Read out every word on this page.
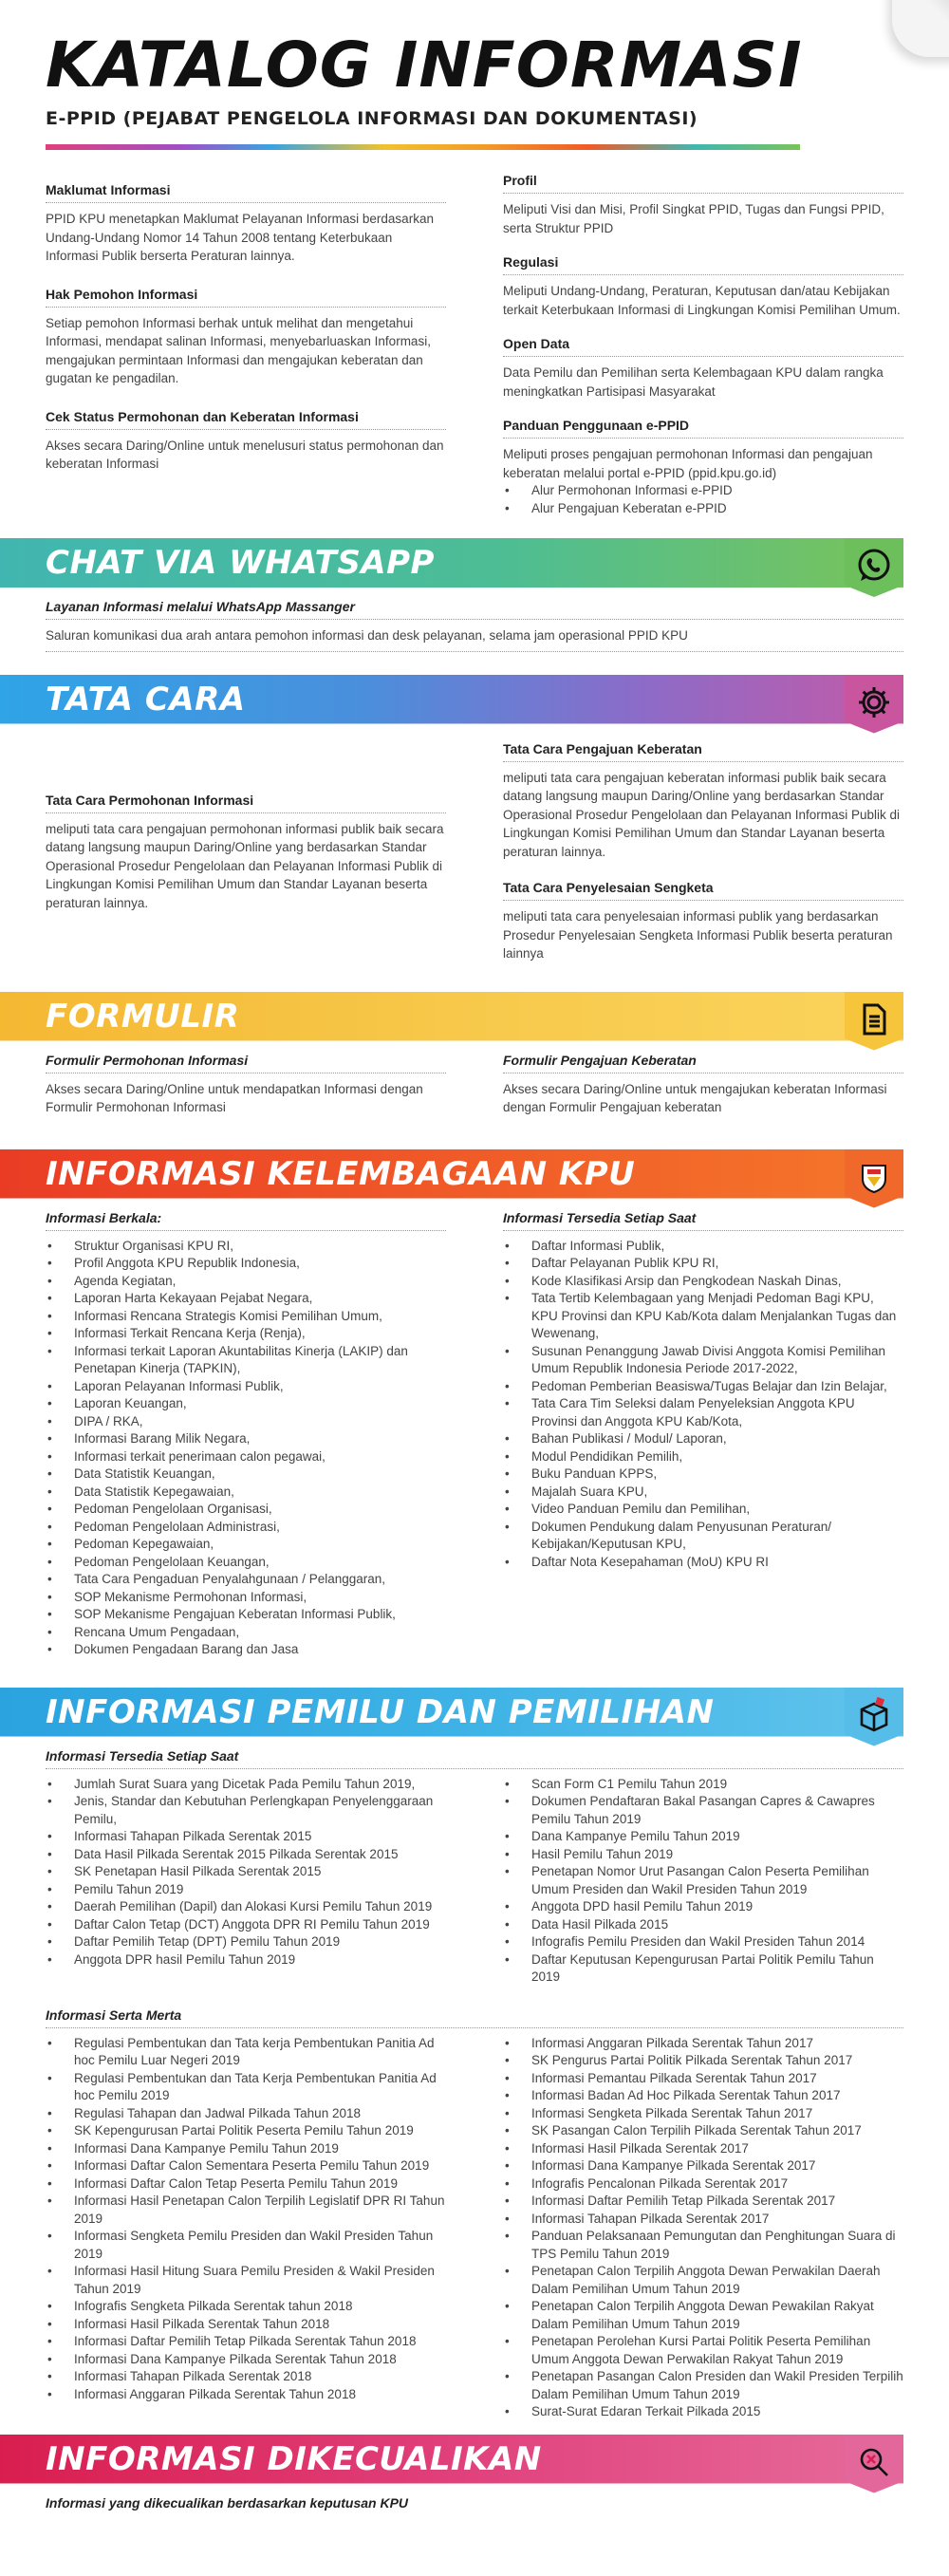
KATALOG INFORMASI
E-PPID (PEJABAT PENGELOLA INFORMASI DAN DOKUMENTASI)
Maklumat Informasi
PPID KPU menetapkan Maklumat Pelayanan Informasi berdasarkan Undang-Undang Nomor 14 Tahun 2008 tentang Keterbukaan Informasi Publik berserta Peraturan lainnya.
Hak Pemohon Informasi
Setiap pemohon Informasi berhak untuk melihat dan mengetahui Informasi, mendapat salinan Informasi, menyebarluaskan Informasi, mengajukan permintaan Informasi dan mengajukan keberatan dan gugatan ke pengadilan.
Cek Status Permohonan dan Keberatan Informasi
Akses secara Daring/Online untuk menelusuri status permohonan dan keberatan Informasi
Profil
Meliputi Visi dan Misi, Profil Singkat PPID, Tugas dan Fungsi PPID, serta Struktur PPID
Regulasi
Meliputi Undang-Undang, Peraturan, Keputusan dan/atau Kebijakan terkait Keterbukaan Informasi di Lingkungan Komisi Pemilihan Umum.
Open Data
Data Pemilu dan Pemilihan serta Kelembagaan KPU dalam rangka meningkatkan Partisipasi Masyarakat
Panduan Penggunaan e-PPID
Meliputi proses pengajuan permohonan Informasi dan pengajuan keberatan melalui portal e-PPID (ppid.kpu.go.id)
• Alur Permohonan Informasi e-PPID
• Alur Pengajuan Keberatan e-PPID
CHAT VIA WHATSAPP
Layanan Informasi melalui WhatsApp Massanger
Saluran komunikasi dua arah antara pemohon informasi dan desk pelayanan, selama jam operasional PPID KPU
TATA CARA
Tata Cara Permohonan Informasi
meliputi tata cara pengajuan permohonan informasi publik baik secara datang langsung maupun Daring/Online yang berdasarkan Standar Operasional Prosedur Pengelolaan dan Pelayanan Informasi Publik di Lingkungan Komisi Pemilihan Umum dan Standar Layanan beserta peraturan lainnya.
Tata Cara Pengajuan Keberatan
meliputi tata cara pengajuan keberatan informasi publik baik secara datang langsung maupun Daring/Online yang berdasarkan Standar Operasional Prosedur Pengelolaan dan Pelayanan Informasi Publik di Lingkungan Komisi Pemilihan Umum dan Standar Layanan beserta peraturan lainnya.
Tata Cara Penyelesaian Sengketa
meliputi tata cara penyelesaian informasi publik yang berdasarkan Prosedur Penyelesaian Sengketa Informasi Publik beserta peraturan lainnya
FORMULIR
Formulir Permohonan Informasi
Akses secara Daring/Online untuk mendapatkan Informasi dengan Formulir Permohonan Informasi
Formulir Pengajuan Keberatan
Akses secara Daring/Online untuk mengajukan keberatan Informasi dengan Formulir Pengajuan keberatan
INFORMASI KELEMBAGAAN KPU
Informasi Berkala:
• Struktur Organisasi KPU RI,
• Profil Anggota KPU Republik Indonesia,
• Agenda Kegiatan,
• Laporan Harta Kekayaan Pejabat Negara,
• Informasi Rencana Strategis Komisi Pemilihan Umum,
• Informasi Terkait Rencana Kerja (Renja),
• Informasi terkait Laporan Akuntabilitas Kinerja (LAKIP) dan Penetapan Kinerja (TAPKIN),
• Laporan Pelayanan Informasi Publik,
• Laporan Keuangan,
• DIPA / RKA,
• Informasi Barang Milik Negara,
• Informasi terkait penerimaan calon pegawai,
• Data Statistik Keuangan,
• Data Statistik Kepegawaian,
• Pedoman Pengelolaan Organisasi,
• Pedoman Pengelolaan Administrasi,
• Pedoman Kepegawaian,
• Pedoman Pengelolaan Keuangan,
• Tata Cara Pengaduan Penyalahgunaan / Pelanggaran,
• SOP Mekanisme Permohonan Informasi,
• SOP Mekanisme Pengajuan Keberatan Informasi Publik,
• Rencana Umum Pengadaan,
• Dokumen Pengadaan Barang dan Jasa
Informasi Tersedia Setiap Saat
• Daftar Informasi Publik,
• Daftar Pelayanan Publik KPU RI,
• Kode Klasifikasi Arsip dan Pengkodean Naskah Dinas,
• Tata Tertib Kelembagaan yang Menjadi Pedoman Bagi KPU, KPU Provinsi dan KPU Kab/Kota dalam Menjalankan Tugas dan Wewenang,
• Susunan Penanggung Jawab Divisi Anggota Komisi Pemilihan Umum Republik Indonesia Periode 2017-2022,
• Pedoman Pemberian Beasiswa/Tugas Belajar dan Izin Belajar,
• Tata Cara Tim Seleksi dalam Penyeleksian Anggota KPU Provinsi dan Anggota KPU Kab/Kota,
• Bahan Publikasi / Modul/ Laporan,
• Modul Pendidikan Pemilih,
• Buku Panduan KPPS,
• Majalah Suara KPU,
• Video Panduan Pemilu dan Pemilihan,
• Dokumen Pendukung dalam Penyusunan Peraturan/ Kebijakan/Keputusan KPU,
• Daftar Nota Kesepahaman (MoU) KPU RI
INFORMASI PEMILU DAN PEMILIHAN
Informasi Tersedia Setiap Saat
• Jumlah Surat Suara yang Dicetak Pada Pemilu Tahun 2019,
• Jenis, Standar dan Kebutuhan Perlengkapan Penyelenggaraan Pemilu,
• Informasi Tahapan Pilkada Serentak 2015
• Data Hasil Pilkada Serentak 2015 Pilkada Serentak 2015
• SK Penetapan Hasil Pilkada Serentak 2015
• Pemilu Tahun 2019
• Daerah Pemilihan (Dapil) dan Alokasi Kursi Pemilu Tahun 2019
• Daftar Calon Tetap (DCT) Anggota DPR RI Pemilu Tahun 2019
• Daftar Pemilih Tetap (DPT) Pemilu Tahun 2019
• Anggota DPR hasil Pemilu Tahun 2019
• Scan Form C1 Pemilu Tahun 2019
• Dokumen Pendaftaran Bakal Pasangan Capres & Cawapres Pemilu Tahun 2019
• Dana Kampanye Pemilu Tahun 2019
• Hasil Pemilu Tahun 2019
• Penetapan Nomor Urut Pasangan Calon Peserta Pemilihan Umum Presiden dan Wakil Presiden Tahun 2019
• Anggota DPD hasil Pemilu Tahun 2019
• Data Hasil Pilkada 2015
• Infografis Pemilu Presiden dan Wakil Presiden Tahun 2014
• Daftar Keputusan Kepengurusan Partai Politik Pemilu Tahun 2019
Informasi Serta Merta
• Regulasi Pembentukan dan Tata kerja Pembentukan Panitia Ad hoc Pemilu Luar Negeri 2019
• Regulasi Pembentukan dan Tata Kerja Pembentukan Panitia Ad hoc Pemilu 2019
• Regulasi Tahapan dan Jadwal Pilkada Tahun 2018
• SK Kepengurusan Partai Politik Peserta Pemilu Tahun 2019
• Informasi Dana Kampanye Pemilu Tahun 2019
• Informasi Daftar Calon Sementara Peserta Pemilu Tahun 2019
• Informasi Daftar Calon Tetap Peserta Pemilu Tahun 2019
• Informasi Hasil Penetapan Calon Terpilih Legislatif DPR RI Tahun 2019
• Informasi Sengketa Pemilu Presiden dan Wakil Presiden Tahun 2019
• Informasi Hasil Hitung Suara Pemilu Presiden & Wakil Presiden Tahun 2019
• Infografis Sengketa Pilkada Serentak tahun 2018
• Informasi Hasil Pilkada Serentak Tahun 2018
• Informasi Daftar Pemilih Tetap Pilkada Serentak Tahun 2018
• Informasi Dana Kampanye Pilkada Serentak Tahun 2018
• Informasi Tahapan Pilkada Serentak 2018
• Informasi Anggaran Pilkada Serentak Tahun 2018
• Informasi Anggaran Pilkada Serentak Tahun 2017
• SK Pengurus Partai Politik Pilkada Serentak Tahun 2017
• Informasi Pemantau Pilkada Serentak Tahun 2017
• Informasi Badan Ad Hoc Pilkada Serentak Tahun 2017
• Informasi Sengketa Pilkada Serentak Tahun 2017
• SK Pasangan Calon Terpilih Pilkada Serentak Tahun 2017
• Informasi Hasil Pilkada Serentak 2017
• Informasi Dana Kampanye Pilkada Serentak 2017
• Infografis Pencalonan Pilkada Serentak 2017
• Informasi Daftar Pemilih Tetap Pilkada Serentak 2017
• Informasi Tahapan Pilkada Serentak 2017
• Panduan Pelaksanaan Pemungutan dan Penghitungan Suara di TPS Pemilu Tahun 2019
• Penetapan Calon Terpilih Anggota Dewan Perwakilan Daerah Dalam Pemilihan Umum Tahun 2019
• Penetapan Calon Terpilih Anggota Dewan Pewakilan Rakyat Dalam Pemilihan Umum Tahun 2019
• Penetapan Perolehan Kursi Partai Politik Peserta Pemilihan Umum Anggota Dewan Perwakilan Rakyat Tahun 2019
• Penetapan Pasangan Calon Presiden dan Wakil Presiden Terpilih Dalam Pemilihan Umum Tahun 2019
• Surat-Surat Edaran Terkait Pilkada 2015
INFORMASI DIKECUALIKAN
Informasi yang dikecualikan berdasarkan keputusan KPU
